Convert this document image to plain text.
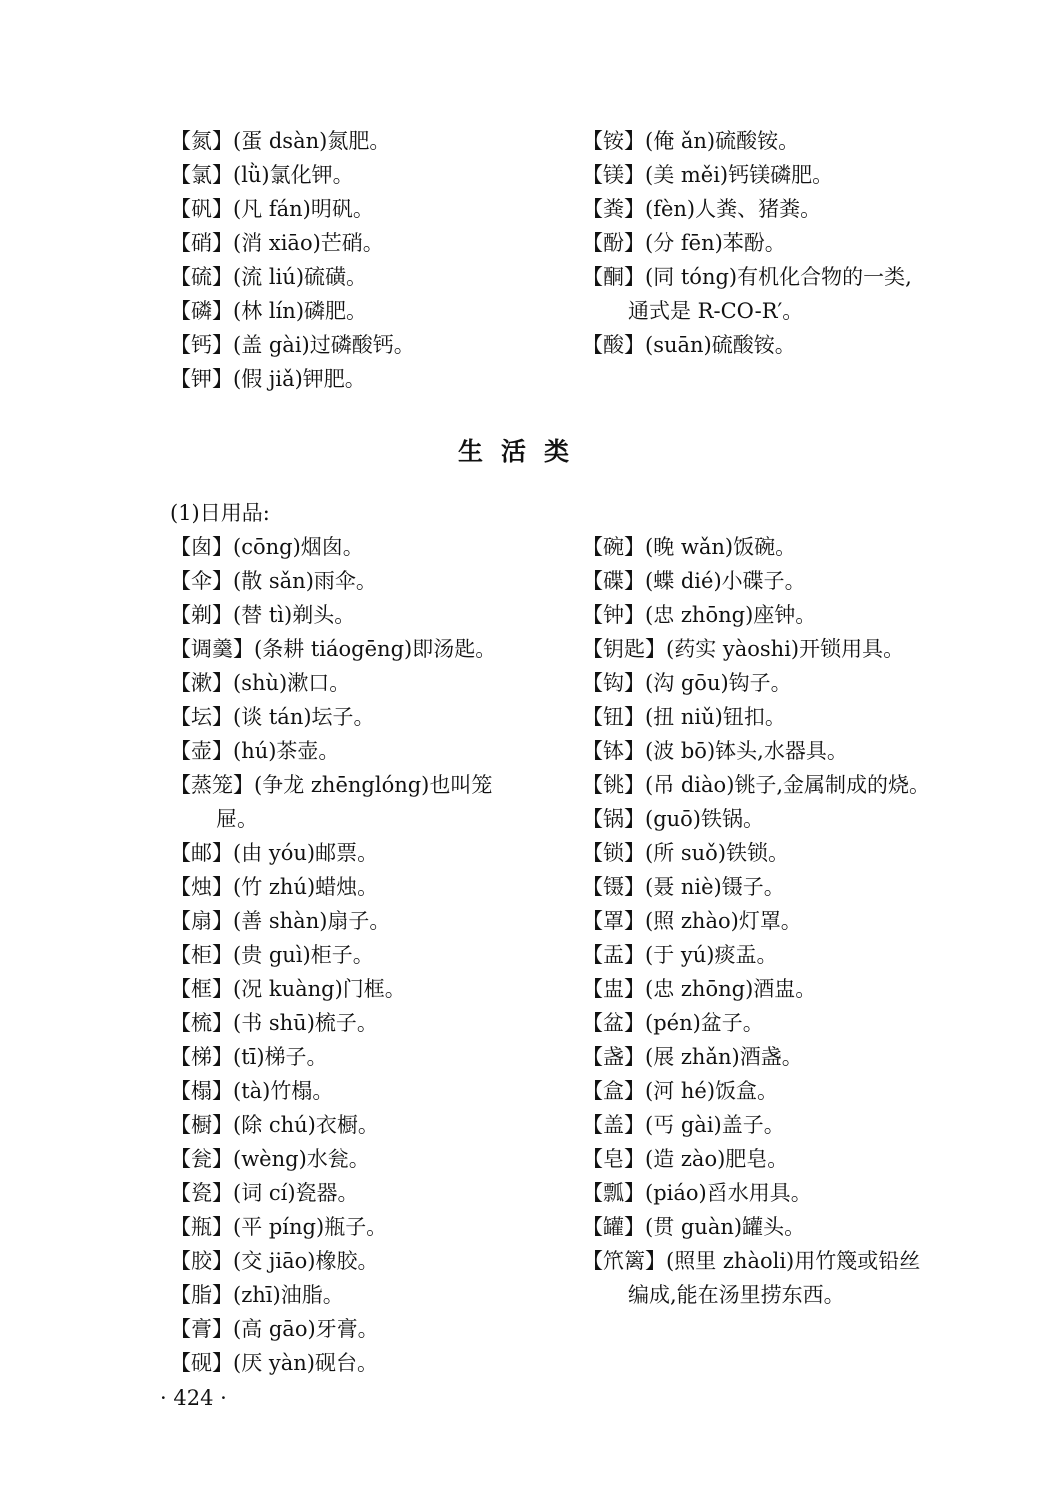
【氮】(蛋 dsàn)氮肥。
【氯】(lǜ)氯化钾。
【矾】(凡 fán)明矾。
【硝】(消 xiāo)芒硝。
【硫】(流 liú)硫磺。
【磷】(林 lín)磷肥。
【钙】(盖 gài)过磷酸钙。
【钾】(假 jiǎ)钾肥。
【铵】(俺 ǎn)硫酸铵。
【镁】(美 měi)钙镁磷肥。
【粪】(fèn)人粪、猪粪。
【酚】(分 fēn)苯酚。
【酮】(同 tóng)有机化合物的一类,通式是 R-CO-R′。
【酸】(suān)硫酸铵。
生活类
(1)日用品:
【囱】(cōng)烟囱。
【伞】(散 sǎn)雨伞。
【剃】(替 tì)剃头。
【调羹】(条耕 tiáogēng)即汤匙。
【漱】(shù)漱口。
【坛】(谈 tán)坛子。
【壶】(hú)茶壶。
【蒸笼】(争龙 zhēnglóng)也叫笼屉。
【邮】(由 yóu)邮票。
【烛】(竹 zhú)蜡烛。
【扇】(善 shàn)扇子。
【柜】(贵 guì)柜子。
【框】(况 kuàng)门框。
【梳】(书 shū)梳子。
【梯】(tī)梯子。
【榻】(tà)竹榻。
【橱】(除 chú)衣橱。
【瓮】(wèng)水瓮。
【瓷】(词 cí)瓷器。
【瓶】(平 píng)瓶子。
【胶】(交 jiāo)橡胶。
【脂】(zhī)油脂。
【膏】(高 gāo)牙膏。
【砚】(厌 yàn)砚台。
【碗】(晚 wǎn)饭碗。
【碟】(蝶 dié)小碟子。
【钟】(忠 zhōng)座钟。
【钥匙】(药实 yàoshi)开锁用具。
【钩】(沟 gōu)钩子。
【钮】(扭 niǔ)钮扣。
【钵】(波 bō)钵头,水器具。
【铫】(吊 diào)铫子,金属制成的烧。
【锅】(guō)铁锅。
【锁】(所 suǒ)铁锁。
【镊】(聂 niè)镊子。
【罩】(照 zhào)灯罩。
【盂】(于 yú)痰盂。
【盅】(忠 zhōng)酒盅。
【盆】(pén)盆子。
【盏】(展 zhǎn)酒盏。
【盒】(河 hé)饭盒。
【盖】(丐 gài)盖子。
【皂】(造 zào)肥皂。
【瓢】(piáo)舀水用具。
【罐】(贯 guàn)罐头。
【笊篱】(照里 zhàoli)用竹篾或铅丝编成,能在汤里捞东西。
· 424 ·
